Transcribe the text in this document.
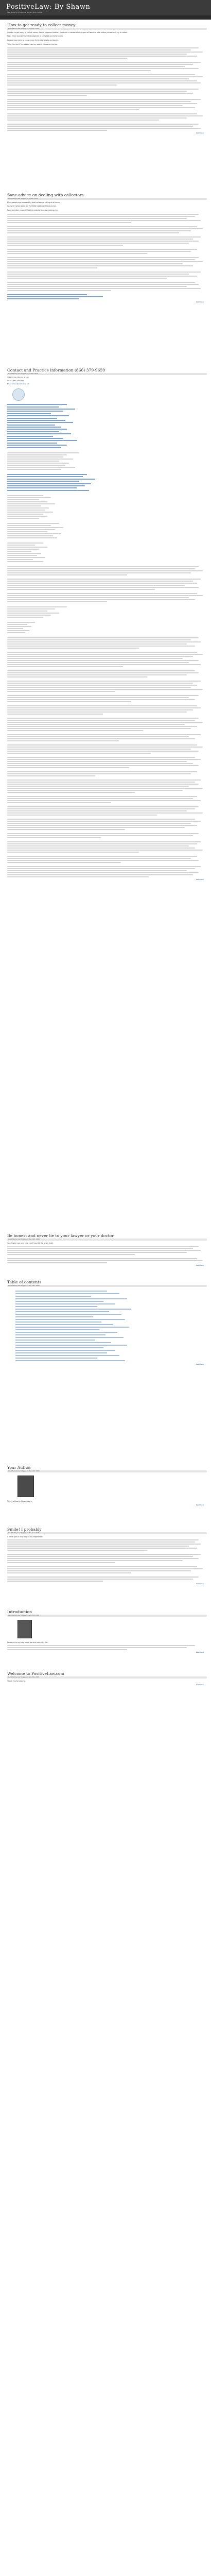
PositiveLaw: By Shawn
Law, Politics, Economics, Society and Culture
How to get ready to collect money
Published by Law Blogger on Jun 15th, 2008

In order to get ready to collect money from a judgment debtor, there are a number of steps you will want to take before you actually try to collect.

First, check to make sure the judgment is still valid and enforceable.

Second, you need to know where the debtor works and banks.

Third, find out if the debtor has any assets you could levy on.

Read more
Sane advice on dealing with collectors
Published by Law Blogger on Jun 8th, 2008

Many people are harassed by debt collectors calling at all hours.

You have rights under the Fair Debt Collection Practices Act.

Send a written request that the collector stop contacting you.

Read more
Contact and Practice information (866) 379-9659
Published by Law Blogger on Jun 5th, 2008

Shawn Jones, Attorney at Law

Phone: (866) 379-9659

Email: shawn@positivelaw.net

Read more
Be honest and never lie to your lawyer or your doctor
Published by Law Blogger on May 29th, 2008

Your lawyer can only help you if you tell the whole truth.

Read more
Table of contents
Published by Law Blogger on May 20th, 2008
Read more
Your Author
Published by Law Blogger on May 12th, 2008

This is a blog by Shawn Jones.

Read more
Smile! I probably
Published by Law Blogger on May 2nd, 2008

A smile goes a long way in any negotiation.

Read more
Introduction
Published by Law Blogger on Apr 25th, 2008

Welcome to my blog about law and everyday life.

Read more
Welcome to PositiveLaw.com
Published by Law Blogger on Apr 20th, 2008

Thank you for visiting.

Read more
